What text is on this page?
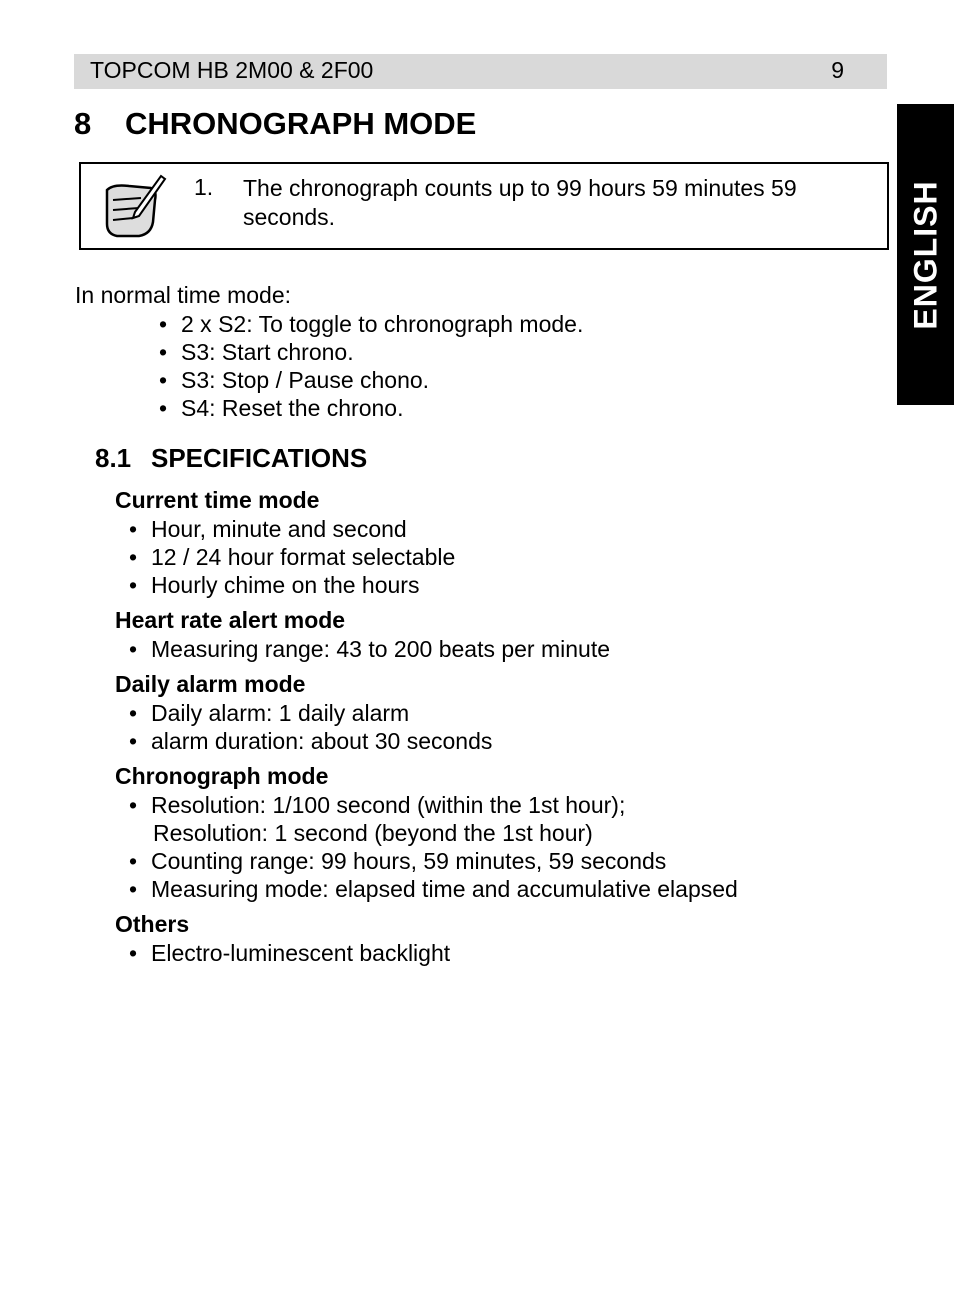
TOPCOM HB 2M00 & 2F00	9
ENGLISH
8 CHRONOGRAPH MODE
1. The chronograph counts up to 99 hours 59 minutes 59 seconds.
In normal time mode:
• 2 x S2: To toggle to chronograph mode.
• S3: Start chrono.
• S3: Stop / Pause chono.
• S4: Reset the chrono.
8.1 SPECIFICATIONS
Current time mode
• Hour, minute and second
• 12 / 24 hour format selectable
• Hourly chime on the hours
Heart rate alert mode
• Measuring range: 43 to 200 beats per minute
Daily alarm mode
• Daily alarm: 1 daily alarm
• alarm duration: about 30 seconds
Chronograph mode
• Resolution: 1/100 second (within the 1st hour);
Resolution: 1 second (beyond the 1st hour)
• Counting range: 99 hours, 59 minutes, 59 seconds
• Measuring mode: elapsed time and accumulative elapsed
Others
• Electro-luminescent backlight
